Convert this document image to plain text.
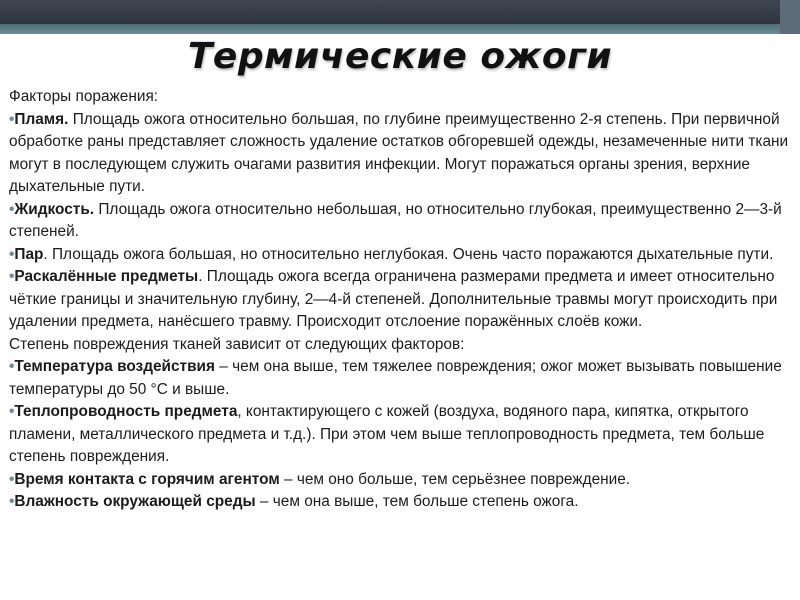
Термические ожоги
Факторы поражения:
•Пламя. Площадь ожога относительно большая, по глубине преимущественно 2-я степень. При первичной обработке раны представляет сложность удаление остатков обгоревшей одежды, незамеченные нити ткани могут в последующем служить очагами развития инфекции. Могут поражаться органы зрения, верхние дыхательные пути.
•Жидкость. Площадь ожога относительно небольшая, но относительно глубокая, преимущественно 2—3-й степеней.
•Пар. Площадь ожога большая, но относительно неглубокая. Очень часто поражаются дыхательные пути.
•Раскалённые предметы. Площадь ожога всегда ограничена размерами предмета и имеет относительно чёткие границы и значительную глубину, 2—4-й степеней. Дополнительные травмы могут происходить при удалении предмета, нанёсшего травму. Происходит отслоение поражённых слоёв кожи.
Степень повреждения тканей зависит от следующих факторов:
•Температура воздействия – чем она выше, тем тяжелее повреждения; ожог может вызывать повышение температуры до 50 °C и выше.
•Теплопроводность предмета, контактирующего с кожей (воздуха, водяного пара, кипятка, открытого пламени, металлического предмета и т.д.). При этом чем выше теплопроводность предмета, тем больше степень повреждения.
•Время контакта с горячим агентом – чем оно больше, тем серьёзнее повреждение.
•Влажность окружающей среды – чем она выше, тем больше степень ожога.
